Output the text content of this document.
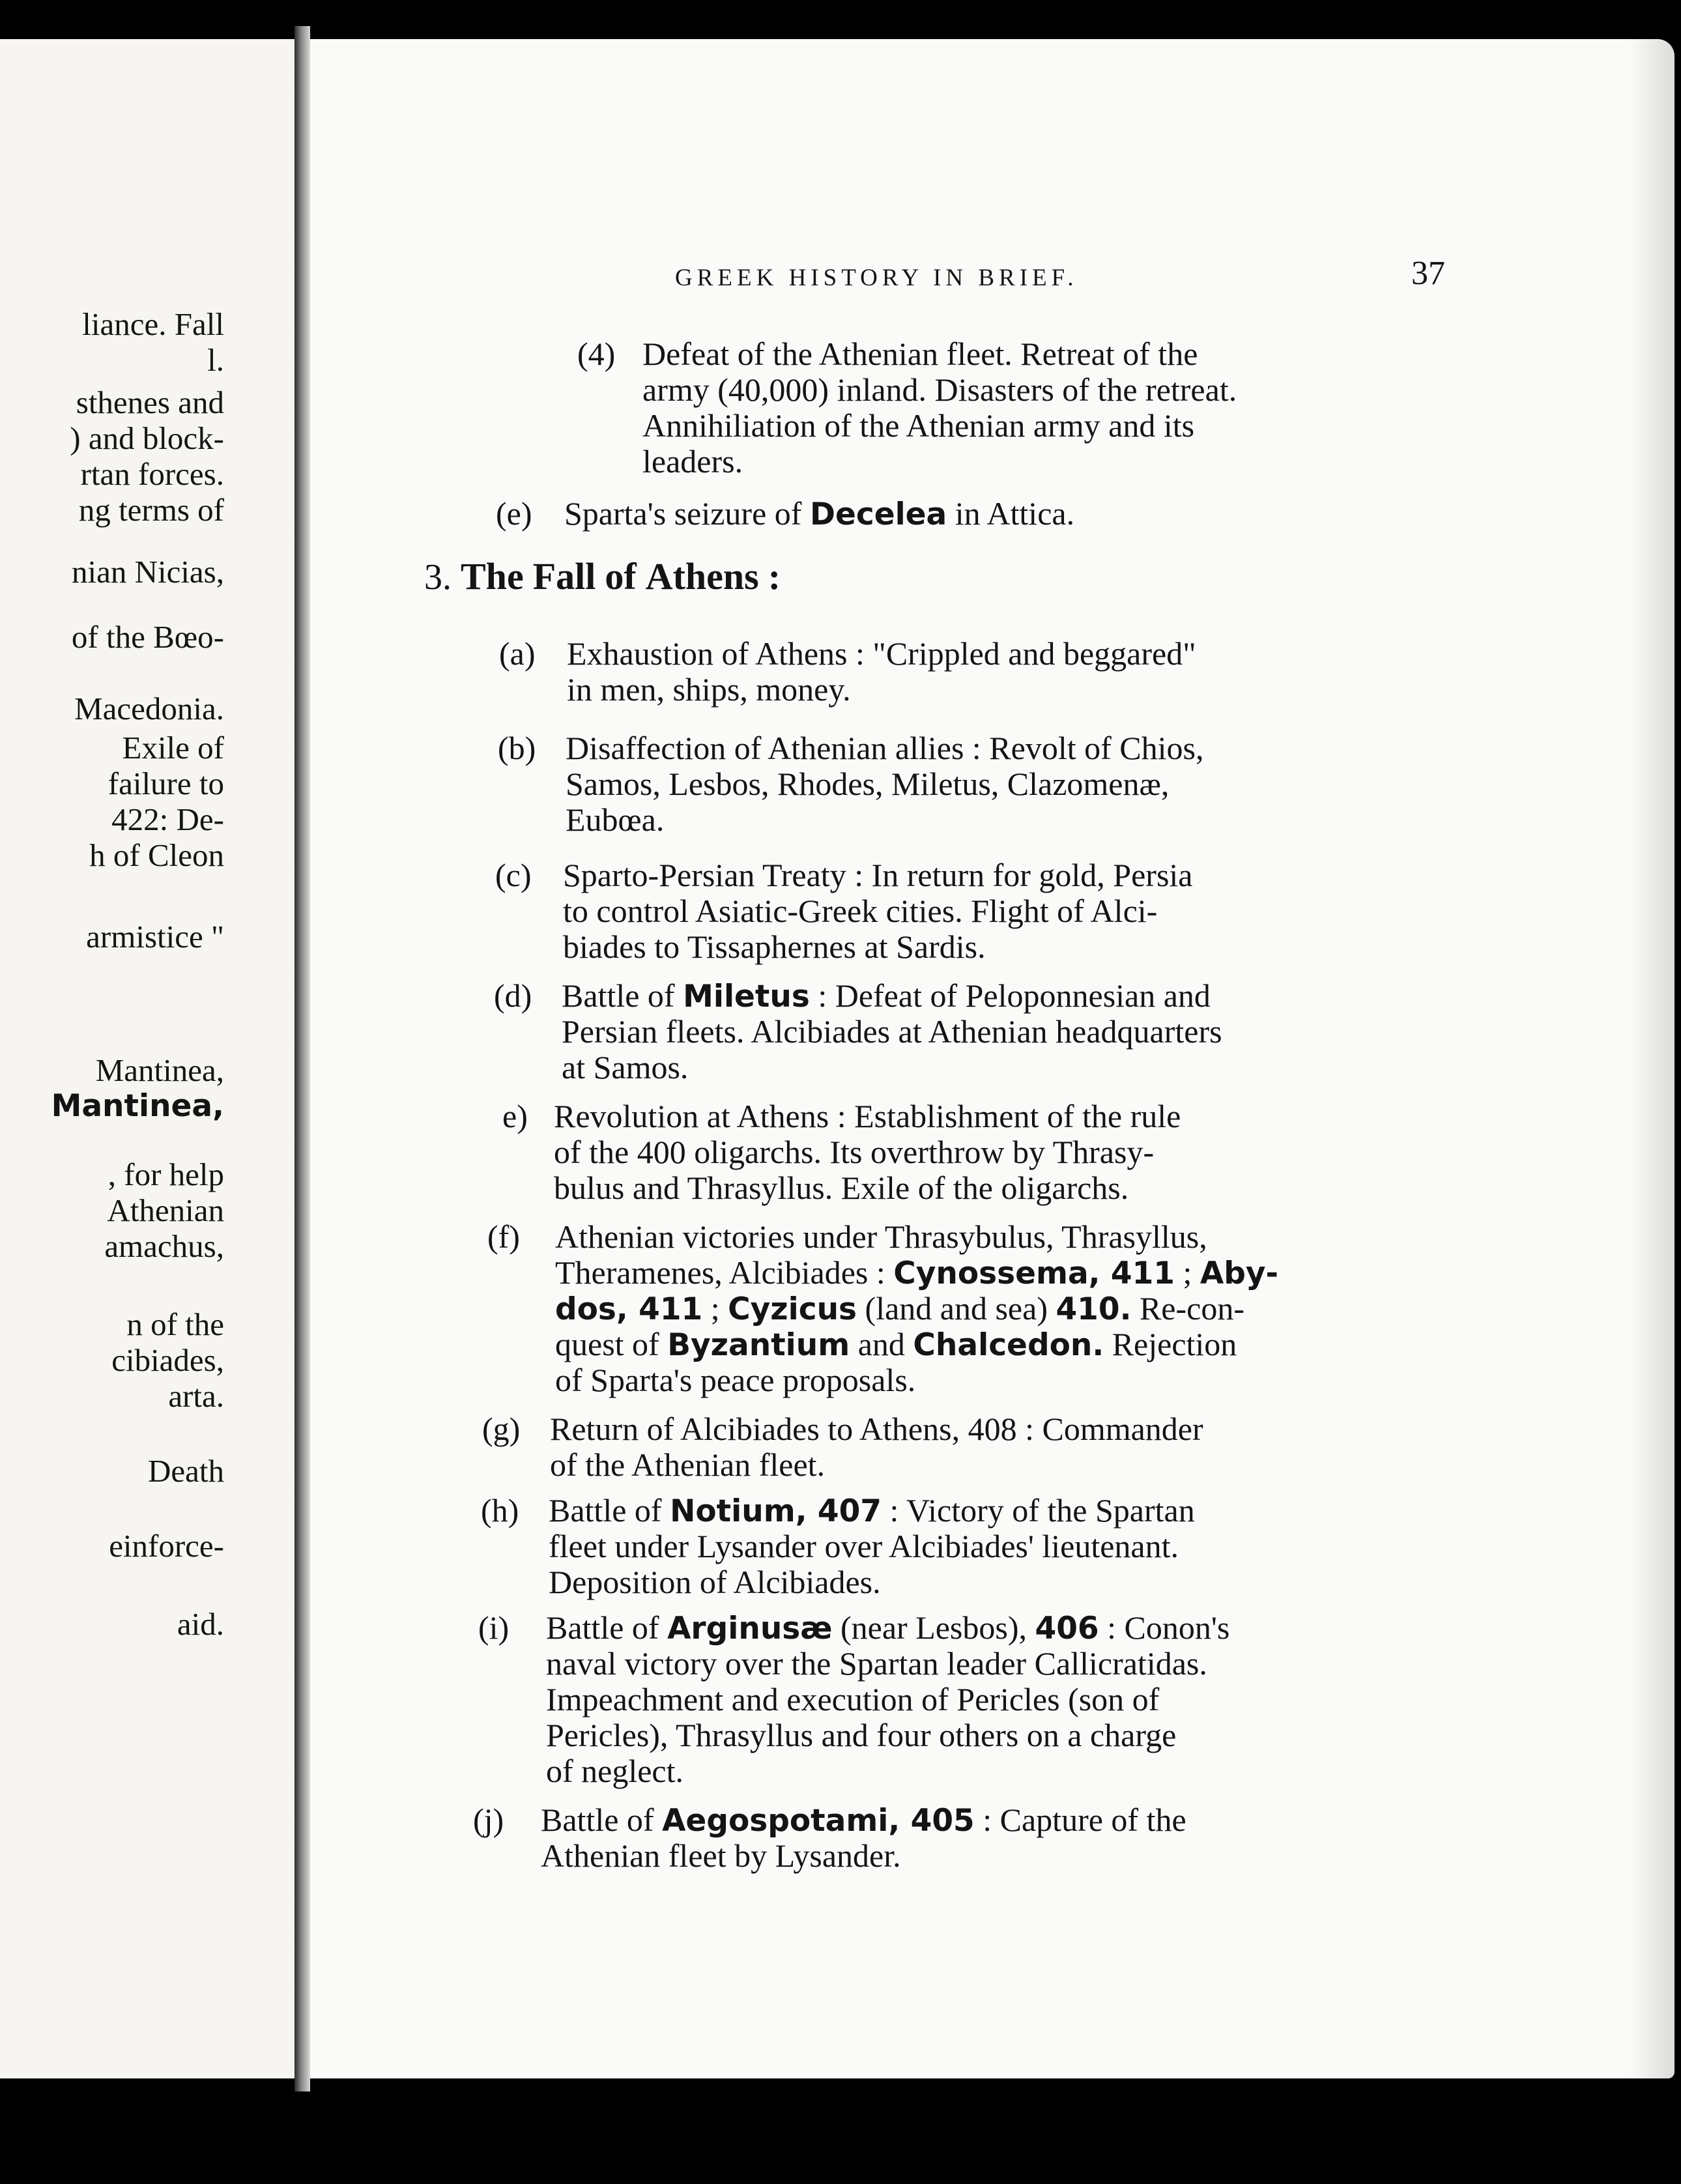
liance. Fall
l.
sthenes and
) and block-
rtan forces.
ng terms of
nian Nicias,
of the Bœo-
Macedonia.
Exile of
failure to
422: De-
h of Cleon
armistice "
Mantinea,
Mantinea,
, for help
Athenian
amachus,
n of the
cibiades,
arta.
Death
einforce-
aid.
GREEK HISTORY IN BRIEF.	37
(4) Defeat of the Athenian fleet. Retreat of the
army (40,000) inland. Disasters of the retreat.
Annihiliation of the Athenian army and its
leaders.
(e) Sparta's seizure of Decelea in Attica.
3. The Fall of Athens :
(a) Exhaustion of Athens : "Crippled and beggared"
in men, ships, money.
(b) Disaffection of Athenian allies : Revolt of Chios,
Samos, Lesbos, Rhodes, Miletus, Clazomenæ,
Eubœa.
(c) Sparto-Persian Treaty : In return for gold, Persia
to control Asiatic-Greek cities. Flight of Alci-
biades to Tissaphernes at Sardis.
(d) Battle of Miletus : Defeat of Peloponnesian and
Persian fleets. Alcibiades at Athenian headquarters
at Samos.
e) Revolution at Athens : Establishment of the rule
of the 400 oligarchs. Its overthrow by Thrasy-
bulus and Thrasyllus. Exile of the oligarchs.
(f) Athenian victories under Thrasybulus, Thrasyllus,
Theramenes, Alcibiades : Cynossema, 411 ; Aby-
dos, 411 ; Cyzicus (land and sea) 410. Re-con-
quest of Byzantium and Chalcedon. Rejection
of Sparta's peace proposals.
(g) Return of Alcibiades to Athens, 408 : Commander
of the Athenian fleet.
(h) Battle of Notium, 407 : Victory of the Spartan
fleet under Lysander over Alcibiades' lieutenant.
Deposition of Alcibiades.
(i) Battle of Arginusæ (near Lesbos), 406 : Conon's
naval victory over the Spartan leader Callicratidas.
Impeachment and execution of Pericles (son of
Pericles), Thrasyllus and four others on a charge
of neglect.
(j) Battle of Aegospotami, 405 : Capture of the
Athenian fleet by Lysander.
